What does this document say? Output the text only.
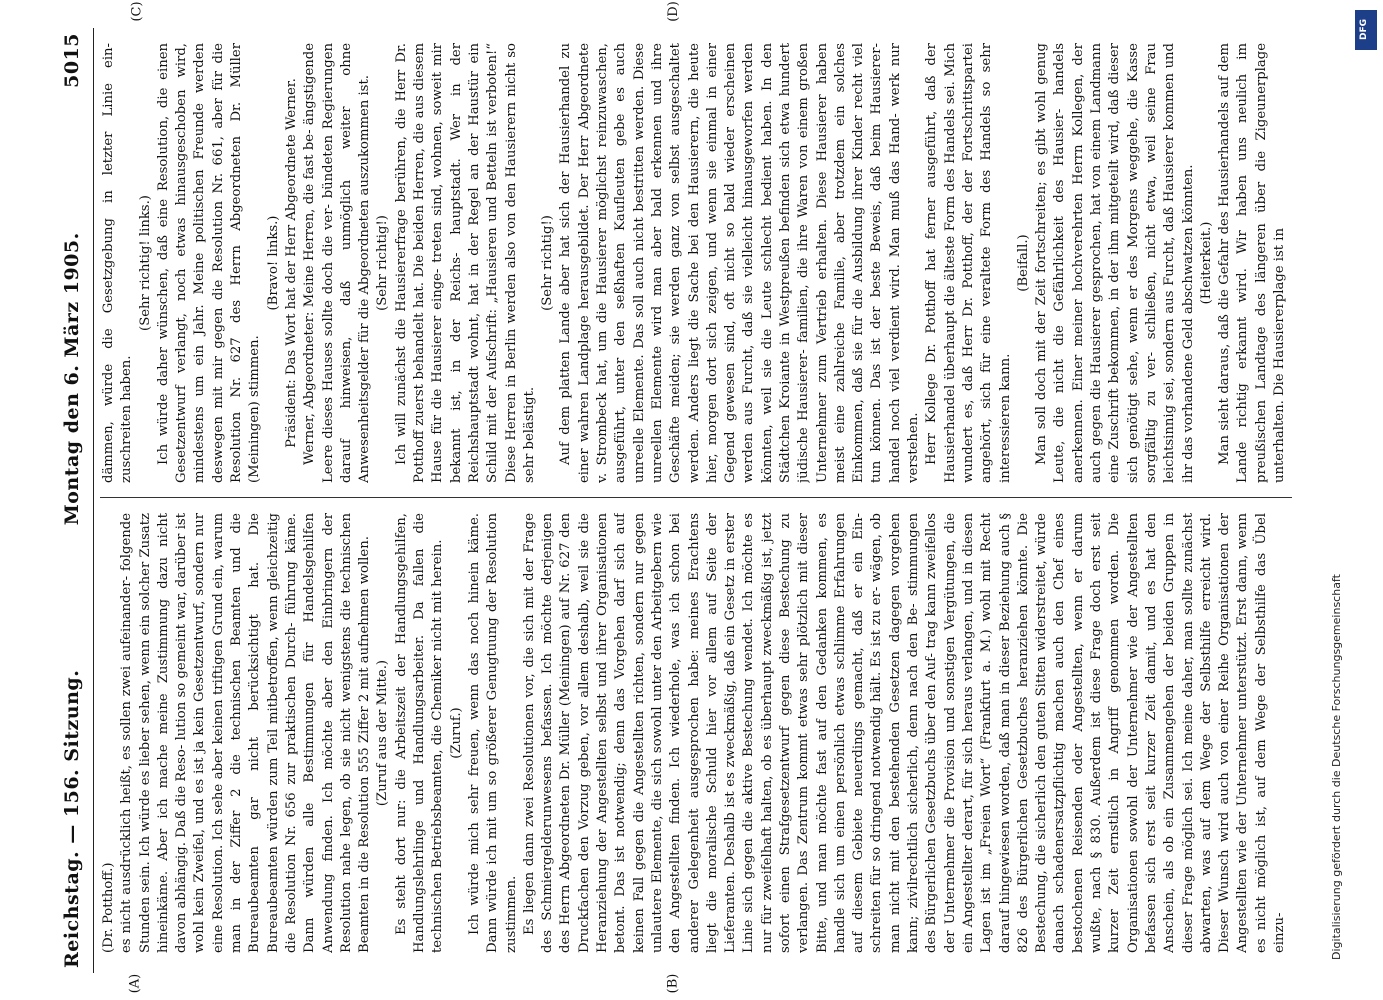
Reichstag. — 156. Sitzung.
Montag den 6. März 1905.
5015

(Dr. Potthoff.) es nicht ausdrücklich heißt, es sollen zwei aufeinander- folgende Stunden sein. Ich würde es lieber sehen, wenn ein solcher Zusatz hineinkäme. Aber ich mache meine Zustimmung dazu nicht davon abhängig. Daß die Reso- lution so gemeint war, darüber ist wohl kein Zweifel, und es ist ja kein Gesetzentwurf, sondern nur eine Resolution. Ich sehe aber keinen triftigen Grund ein, warum man in der Ziffer 2 die technischen Beamten und die Bureaubeamten gar nicht berücksichtigt hat. Die Bureaubeamten würden zum Teil mitbetroffen, wenn gleichzeitig die Resolution Nr. 656 zur praktischen Durch- führung käme. Dann würden alle Bestimmungen für Handelsgehilfen Anwendung finden. Ich möchte aber den Einbringern der Resolution nahe legen, ob sie nicht wenigstens die technischen Beamten in die Resolution 555 Ziffer 2 mit aufnehmen wollen. (Zuruf aus der Mitte.) Es steht dort nur: die Arbeitszeit der Handlungsgehilfen, Handlungslehrlinge und Handlungsarbeiter. Da fallen die technischen Betriebsbeamten, die Chemiker nicht mit herein. (Zuruf.) Ich würde mich sehr freuen, wenn das noch hinein käme. Dann würde ich mit um so größerer Genugtuung der Resolution zustimmen. Es liegen dann zwei Resolutionen vor, die sich mit der Frage des Schmiergelderunwesens befassen. Ich möchte derjenigen des Herrn Abgeordneten Dr. Müller (Meiningen) auf Nr. 627 den Druckfachen den Vorzug geben, vor allem deshalb, weil sie die Heranziehung der Angestellten selbst und ihrer Organisationen betont. Das ist notwendig; denn das Vorgehen darf sich auf keinen Fall gegen die Angestellten richten, sondern nur gegen unlautere Elemente, die sich sowohl unter den Arbeitgebern wie den Angestellten finden. Ich wiederhole, was ich schon bei anderer Gelegenheit ausgesprochen habe: meines Erachtens liegt die moralische Schuld hier vor allem auf Seite der Lieferanten. Deshalb ist es zweckmäßig, daß ein Gesetz in erster Linie sich gegen die aktive Bestechung wendet. Ich möchte es nur für zweifelhaft halten, ob es überhaupt zweckmäßig ist, jetzt sofort einen Strafgesetzentwurf gegen diese Bestechung zu verlangen. Das Zentrum kommt etwas sehr plötzlich mit dieser Bitte, und man möchte fast auf den Gedanken kommen, es handle sich um einen persönlich etwas schlimme Erfahrungen auf diesem Gebiete neuerdings gemacht, daß er ein Ein- schreiten für so dringend notwendig hält. Es ist zu er- wägen, ob man nicht mit den bestehenden Gesetzen dagegen vorgehen kann; zivilrechtlich sicherlich, denn nach den Be- stimmungen des Bürgerlichen Gesetzbuchs über den Auf- trag kann zweifellos der Unternehmer die Provision und sonstigen Vergütungen, die ein Angestellter derart, für sich heraus verlangen, und in diesen Lagen ist im „Freien Wort“ (Frankfurt a. M.) wohl mit Recht darauf hingewiesen worden, daß man in dieser Beziehung auch § 826 des Bürgerlichen Gesetzbuches heranziehen könnte. Die Bestechung, die sicherlich den guten Sitten widerstreitet, würde danach schadenersatzpflichtig machen auch den Chef eines bestochenen Reisenden oder Angestellten, wenn er darum wußte, nach § 830. Außerdem ist diese Frage doch erst seit kurzer Zeit ernstlich in Angriff genommen worden. Die Organisationen sowohl der Unternehmer wie der Angestellten befassen sich erst seit kurzer Zeit damit, und es hat den Anschein, als ob ein Zusammengehen der beiden Gruppen in dieser Frage möglich sei. Ich meine daher, man sollte zunächst abwarten, was auf dem Wege der Selbsthilfe erreicht wird. Dieser Wunsch wird auch von einer Reihe Organisationen der Angestellten wie der Unternehmer unterstützt. Erst dann, wenn es nicht möglich ist, auf dem Wege der Selbsthilfe das Übel einzu-

dämmen, würde die Gesetzgebung in letzter Linie ein- zuschreiten haben.

(Sehr richtig! links.) Ich würde daher wünschen, daß eine Resolution, die einen Gesetzentwurf verlangt, noch etwas hinausgeschoben wird, mindestens um ein Jahr. Meine politischen Freunde werden deswegen mit mir gegen die Resolution Nr. 661, aber für die Resolution Nr. 627 des Herrn Abgeordneten Dr. Müller (Meiningen) stimmen.

(Bravo! links.) Präsident: Das Wort hat der Herr Abgeordnete Werner. Werner, Abgeordneter: Meine Herren, die fast be- ängstigende Leere dieses Hauses sollte doch die ver- bündeten Regierungen darauf hinweisen, daß unmöglich weiter ohne Anwesenheitsgelder für die Abgeordneten auszukommen ist. (Sehr richtig!) Ich will zunächst die Hausiererfrage berühren, die Herr Dr. Potthoff zuerst behandelt hat. Die beiden Herren, die aus diesem Hause für die Hausierer einge- treten sind, wohnen, soweit mir bekannt ist, in der Reichs- hauptstadt. Wer in der Reichshauptstadt wohnt, hat in der Regel an der Haustür ein Schild mit der Aufschrift: „Hausieren und Betteln ist verboten!“ Diese Herren in Berlin werden also von den Hausierern nicht so sehr belästigt.

(Sehr richtig!) Auf dem platten Lande aber hat sich der Hausierhandel zu einer wahren Landplage herausgebildet. Der Herr Abgeordnete v. Strombeck hat, um die Hausierer möglichst reinzuwaschen, ausgeführt, unter den seßhaften Kaufleuten gebe es auch unreelle Elemente. Das soll auch nicht bestritten werden. Diese unreellen Elemente wird man aber bald erkennen und ihre Geschäfte meiden; sie werden ganz von selbst ausgeschaltet werden. Anders liegt die Sache bei den Hausierern, die heute hier, morgen dort sich zeigen, und wenn sie einmal in einer Gegend gewesen sind, oft nicht so bald wieder erscheinen werden aus Furcht, daß sie vielleicht hinausgeworfen werden könnten, weil sie die Leute schlecht bedient haben. In den Städtchen Kroiante in Westpreußen befinden sich etwa hundert jüdische Hausierer- familien, die ihre Waren von einem großen Unternehmer zum Vertrieb erhalten. Diese Hausierer haben meist eine zahlreiche Familie, aber trotzdem ein solches Einkommen, daß sie für die Ausbildung ihrer Kinder recht viel tun können. Das ist der beste Beweis, daß beim Hausierer- handel noch viel verdient wird. Man muß das Hand- werk nur verstehen. Herr Kollege Dr. Potthoff hat ferner ausgeführt, daß der Hausierhandel überhaupt die älteste Form des Handels sei. Mich wundert es, daß Herr Dr. Potthoff, der der Fortschrittspartei angehört, sich für eine veraltete Form des Handels so sehr interessieren kann.

(Beifall.) Man soll doch mit der Zeit fortschreiten; es gibt wohl genug Leute, die nicht die Gefährlichkeit des Hausier- handels anerkennen. Einer meiner hochverehrten Herrn Kollegen, der auch gegen die Hausierer gesprochen, hat von einem Landmann eine Zuschrift bekommen, in der ihm mitgeteilt wird, daß dieser sich genötigt sehe, wenn er des Morgens weggehe, die Kasse sorgfältig zu ver- schließen, nicht etwa, weil seine Frau leichtsinnig sei, sondern aus Furcht, daß Hausierer kommen und ihr das vorhandene Geld abschwatzen könnten. (Heiterkeit.) Man sieht daraus, daß die Gefahr des Hausierhandels auf dem Lande richtig erkannt wird. Wir haben uns neulich im preußischen Landtage des längeren über die Zigeunerplage unterhalten. Die Hausiererplage ist in

(A)	(B)
(C)	(D)
Digitalisierung gefördert durch die Deutsche Forschungsgemeinschaft
DFG
